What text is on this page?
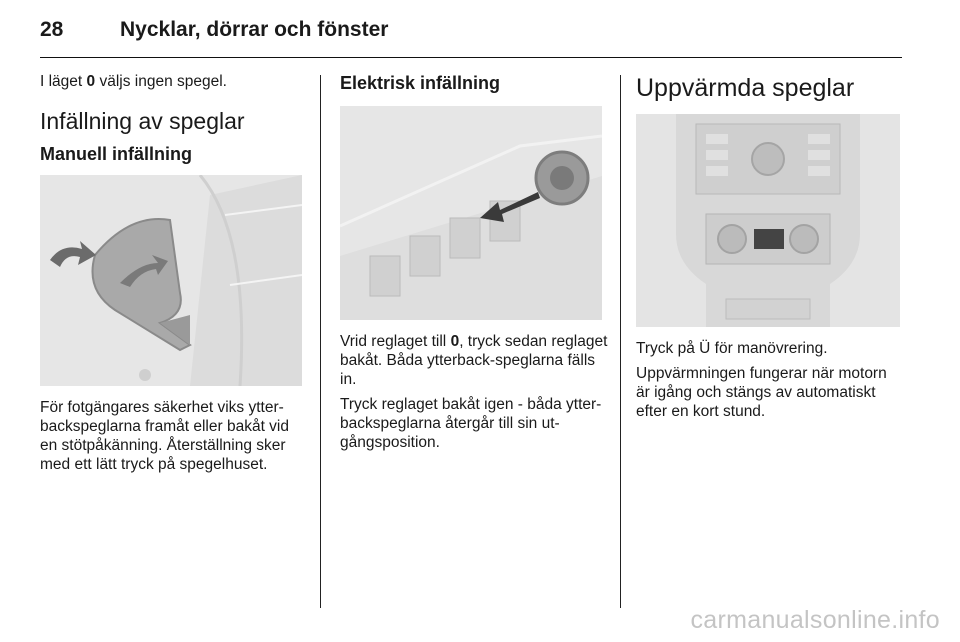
28	Nycklar, dörrar och fönster

I läget 0 väljs ingen spegel.

Infällning av speglar
Manuell infällning

För fotgängares säkerhet viks ytter-backspeglarna framåt eller bakåt vid en stötpåkänning. Återställning sker med ett lätt tryck på spegelhuset.

Elektrisk infällning

Vrid reglaget till 0, tryck sedan reglaget bakåt. Båda ytterback-speglarna fälls in.

Tryck reglaget bakåt igen - båda ytter-backspeglarna återgår till sin ut-gångsposition.

Uppvärmda speglar

Tryck på Ü för manövrering.

Uppvärmningen fungerar när motorn är igång och stängs av automatiskt efter en kort stund.

carmanualsonline.info
